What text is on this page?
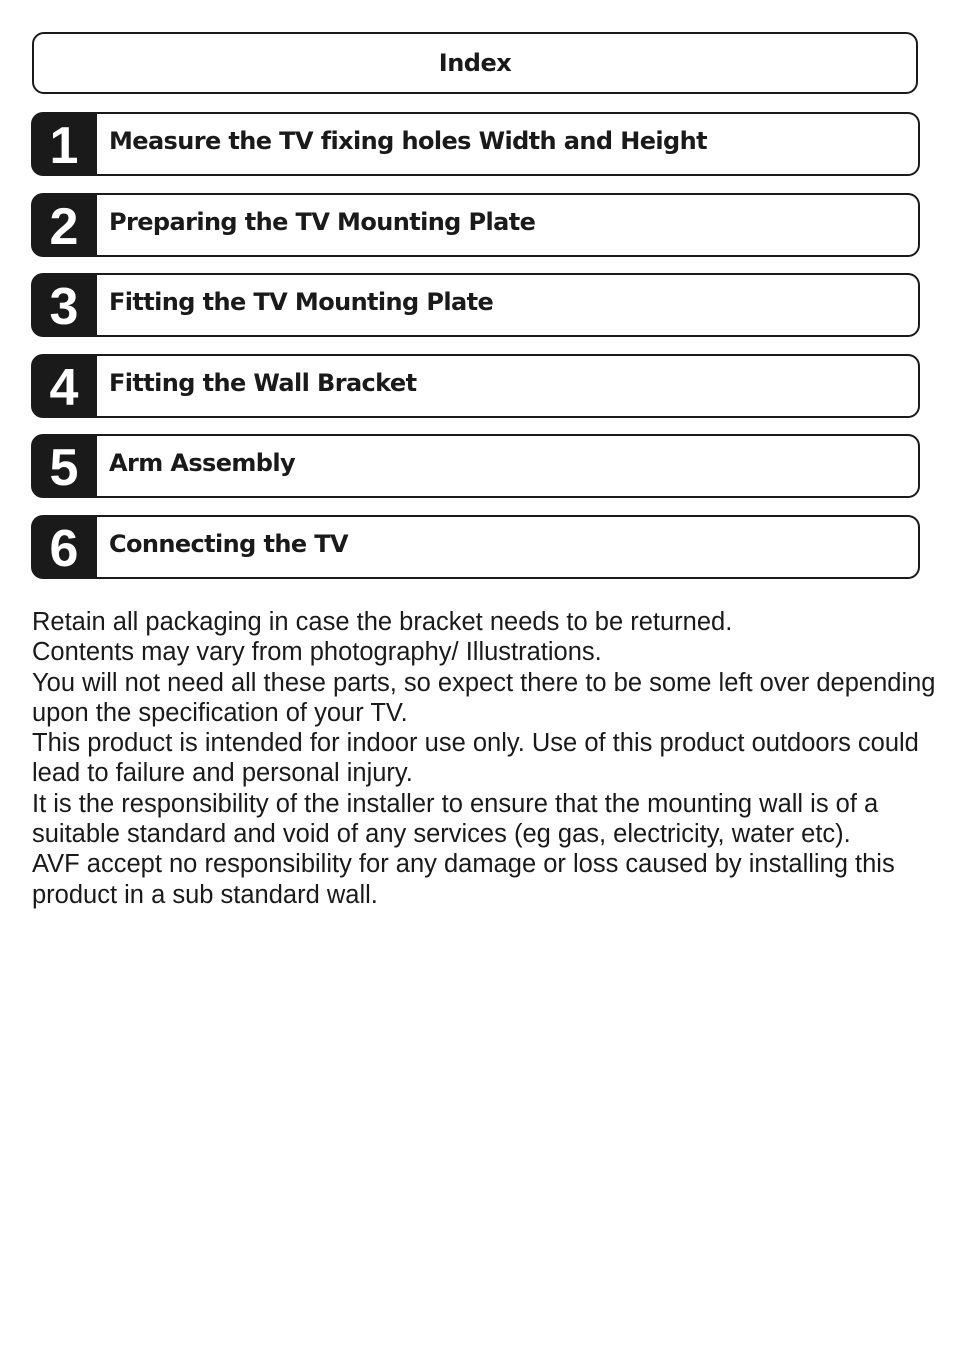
Index
1	Measure the TV fixing holes Width and Height
2	Preparing the TV Mounting Plate
3	Fitting the TV Mounting Plate
4	Fitting the Wall Bracket
5	Arm Assembly
6	Connecting the TV

Retain all packaging in case the bracket needs to be returned.

Contents may vary from photography/ Illustrations.

You will not need all these parts, so expect there to be some left over depending upon the specification of your TV.

This product is intended for indoor use only. Use of this product outdoors could lead to failure and personal injury.

It is the responsibility of the installer to ensure that the mounting wall is of a suitable standard and void of any services (eg gas, electricity, water etc).

AVF accept no responsibility for any damage or loss caused by installing this product in a sub standard wall.
